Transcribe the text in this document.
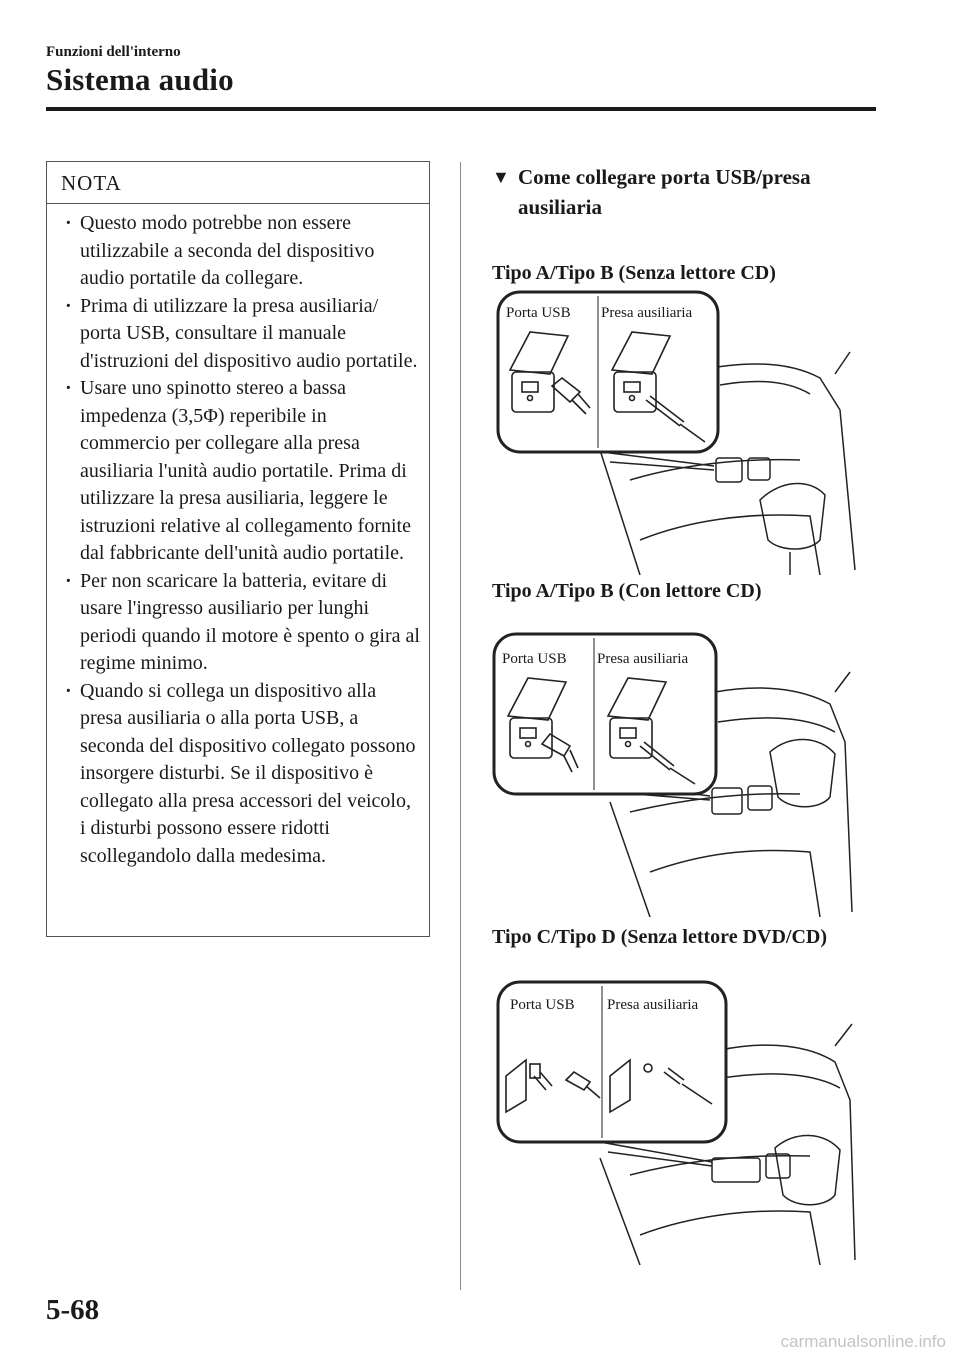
Funzioni dell'interno
Sistema audio
NOTA
· Questo modo potrebbe non essere utilizzabile a seconda del dispositivo audio portatile da collegare.
· Prima di utilizzare la presa ausiliaria/ porta USB, consultare il manuale d'istruzioni del dispositivo audio portatile.
· Usare uno spinotto stereo a bassa impedenza (3,5Φ) reperibile in commercio per collegare alla presa ausiliaria l'unità audio portatile. Prima di utilizzare la presa ausiliaria, leggere le istruzioni relative al collegamento fornite dal fabbricante dell'unità audio portatile.
· Per non scaricare la batteria, evitare di usare l'ingresso ausiliario per lunghi periodi quando il motore è spento o gira al regime minimo.
· Quando si collega un dispositivo alla presa ausiliaria o alla porta USB, a seconda del dispositivo collegato possono insorgere disturbi. Se il dispositivo è collegato alla presa accessori del veicolo, i disturbi possono essere ridotti scollegandolo dalla medesima.
▼ Come collegare porta USB/presa ausiliaria
Tipo A/Tipo B (Senza lettore CD)
Porta USB Presa ausiliaria
Tipo A/Tipo B (Con lettore CD)
Porta USB Presa ausiliaria
Tipo C/Tipo D (Senza lettore DVD/CD)
Porta USB Presa ausiliaria
5-68
carmanualsonline.info
